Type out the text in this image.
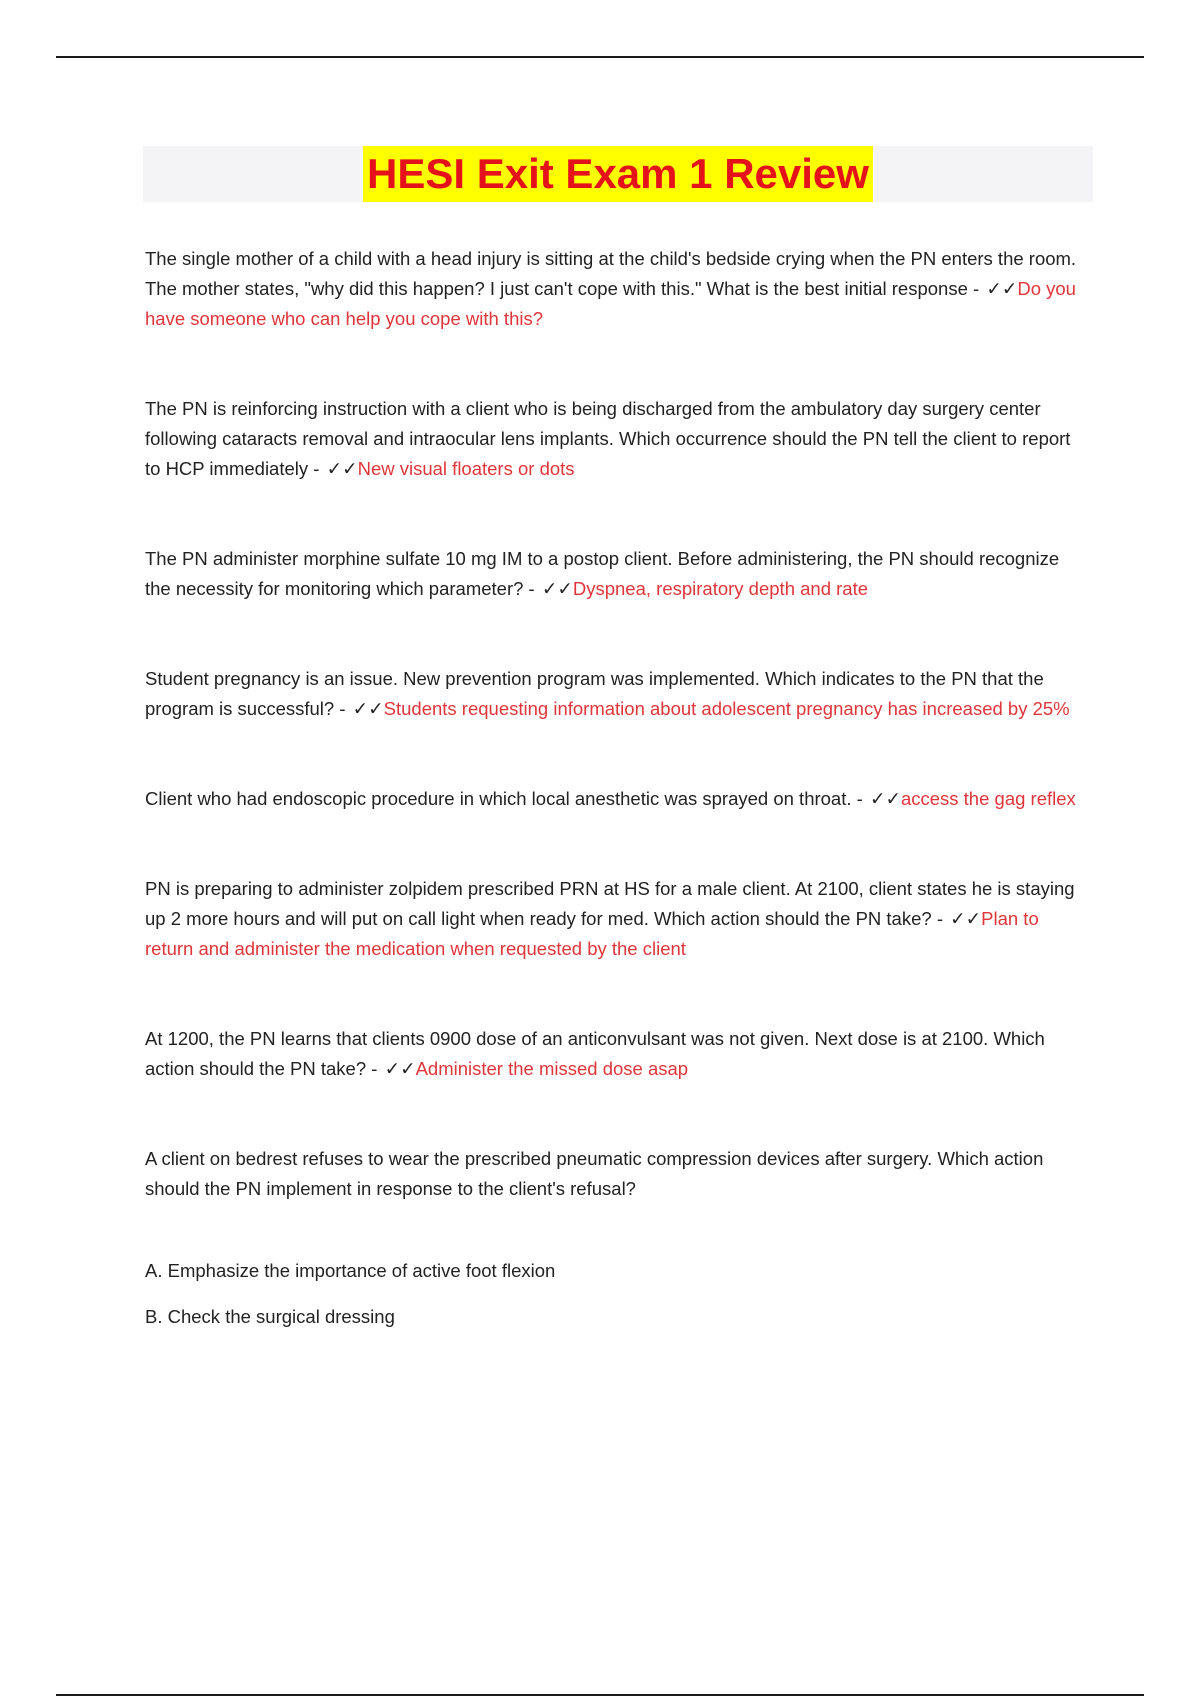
HESI Exit Exam 1 Review

The single mother of a child with a head injury is sitting at the child's bedside crying when the PN enters the room. The mother states, "why did this happen? I just can't cope with this." What is the best initial response - ✓✓Do you have someone who can help you cope with this?

The PN is reinforcing instruction with a client who is being discharged from the ambulatory day surgery center following cataracts removal and intraocular lens implants. Which occurrence should the PN tell the client to report to HCP immediately - ✓✓New visual floaters or dots

The PN administer morphine sulfate 10 mg IM to a postop client. Before administering, the PN should recognize the necessity for monitoring which parameter? - ✓✓Dyspnea, respiratory depth and rate

Student pregnancy is an issue. New prevention program was implemented. Which indicates to the PN that the program is successful? - ✓✓Students requesting information about adolescent pregnancy has increased by 25%

Client who had endoscopic procedure in which local anesthetic was sprayed on throat. - ✓✓access the gag reflex

PN is preparing to administer zolpidem prescribed PRN at HS for a male client. At 2100, client states he is staying up 2 more hours and will put on call light when ready for med. Which action should the PN take? - ✓✓Plan to return and administer the medication when requested by the client

At 1200, the PN learns that clients 0900 dose of an anticonvulsant was not given. Next dose is at 2100. Which action should the PN take? - ✓✓Administer the missed dose asap

A client on bedrest refuses to wear the prescribed pneumatic compression devices after surgery. Which action should the PN implement in response to the client's refusal?

A. Emphasize the importance of active foot flexion

B. Check the surgical dressing
